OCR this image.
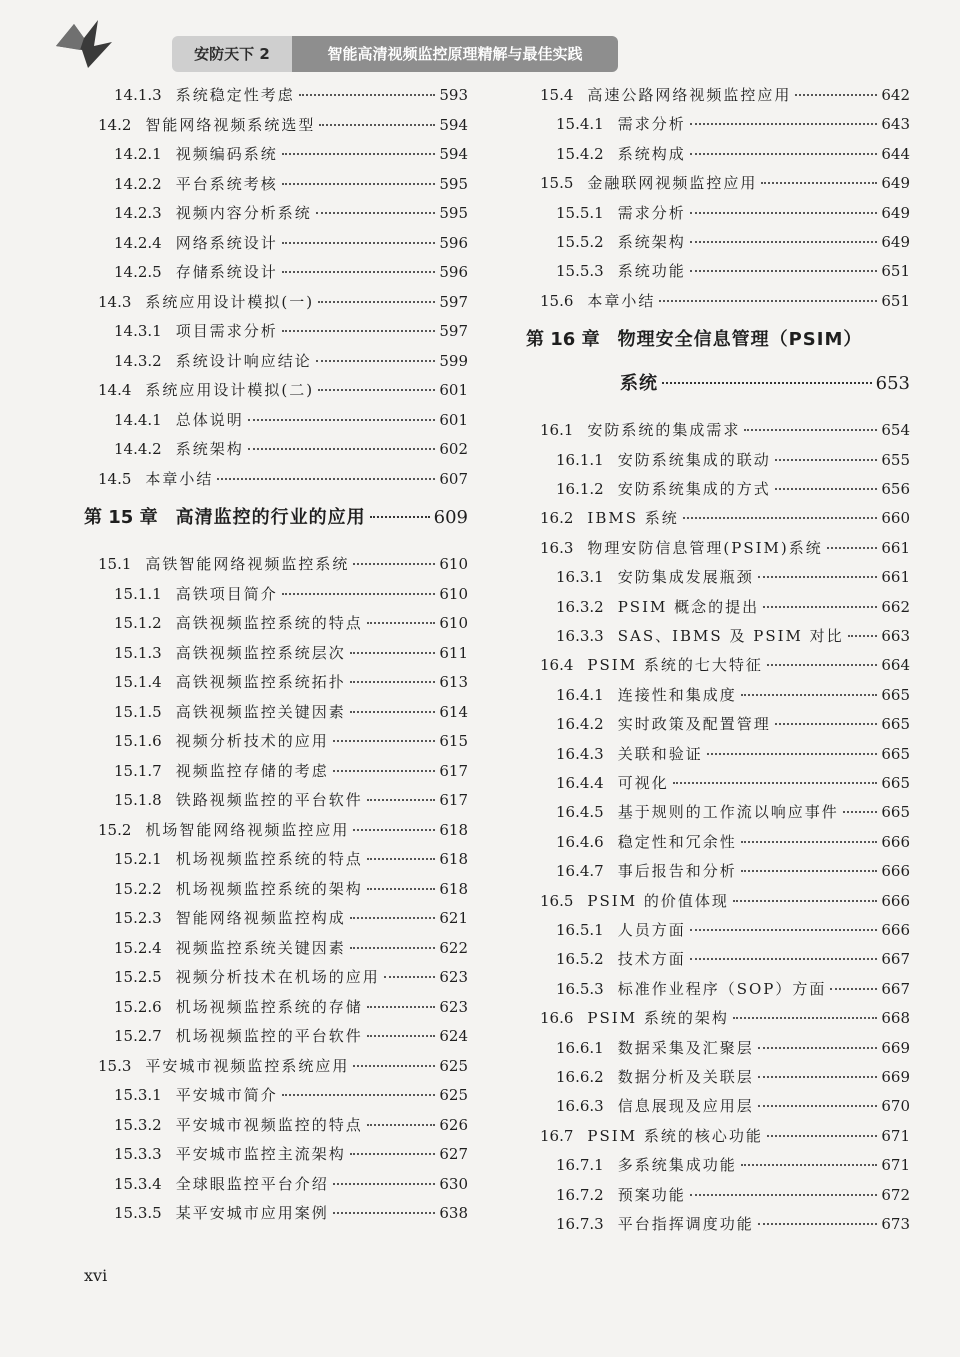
安防天下 2	智能高清视频监控原理精解与最佳实践
14.1.3 系统稳定性考虑	593
14.2 智能网络视频系统选型	594
14.2.1 视频编码系统	594
14.2.2 平台系统考核	595
14.2.3 视频内容分析系统	595
14.2.4 网络系统设计	596
14.2.5 存储系统设计	596
14.3 系统应用设计模拟(一)	597
14.3.1 项目需求分析	597
14.3.2 系统设计响应结论	599
14.4 系统应用设计模拟(二)	601
14.4.1 总体说明	601
14.4.2 系统架构	602
14.5 本章小结	607
第 15 章 高清监控的行业的应用	609
15.1 高铁智能网络视频监控系统	610
15.1.1 高铁项目简介	610
15.1.2 高铁视频监控系统的特点	610
15.1.3 高铁视频监控系统层次	611
15.1.4 高铁视频监控系统拓扑	613
15.1.5 高铁视频监控关键因素	614
15.1.6 视频分析技术的应用	615
15.1.7 视频监控存储的考虑	617
15.1.8 铁路视频监控的平台软件	617
15.2 机场智能网络视频监控应用	618
15.2.1 机场视频监控系统的特点	618
15.2.2 机场视频监控系统的架构	618
15.2.3 智能网络视频监控构成	621
15.2.4 视频监控系统关键因素	622
15.2.5 视频分析技术在机场的应用	623
15.2.6 机场视频监控系统的存储	623
15.2.7 机场视频监控的平台软件	624
15.3 平安城市视频监控系统应用	625
15.3.1 平安城市简介	625
15.3.2 平安城市视频监控的特点	626
15.3.3 平安城市监控主流架构	627
15.3.4 全球眼监控平台介绍	630
15.3.5 某平安城市应用案例	638
15.4 高速公路网络视频监控应用	642
15.4.1 需求分析	643
15.4.2 系统构成	644
15.5 金融联网视频监控应用	649
15.5.1 需求分析	649
15.5.2 系统架构	649
15.5.3 系统功能	651
15.6 本章小结	651
第 16 章 物理安全信息管理（PSIM）
系统	653
16.1 安防系统的集成需求	654
16.1.1 安防系统集成的联动	655
16.1.2 安防系统集成的方式	656
16.2 IBMS 系统	660
16.3 物理安防信息管理(PSIM)系统	661
16.3.1 安防集成发展瓶颈	661
16.3.2 PSIM 概念的提出	662
16.3.3 SAS、IBMS 及 PSIM 对比	663
16.4 PSIM 系统的七大特征	664
16.4.1 连接性和集成度	665
16.4.2 实时政策及配置管理	665
16.4.3 关联和验证	665
16.4.4 可视化	665
16.4.5 基于规则的工作流以响应事件	665
16.4.6 稳定性和冗余性	666
16.4.7 事后报告和分析	666
16.5 PSIM 的价值体现	666
16.5.1 人员方面	666
16.5.2 技术方面	667
16.5.3 标准作业程序（SOP）方面	667
16.6 PSIM 系统的架构	668
16.6.1 数据采集及汇聚层	669
16.6.2 数据分析及关联层	669
16.6.3 信息展现及应用层	670
16.7 PSIM 系统的核心功能	671
16.7.1 多系统集成功能	671
16.7.2 预案功能	672
16.7.3 平台指挥调度功能	673
xvi
